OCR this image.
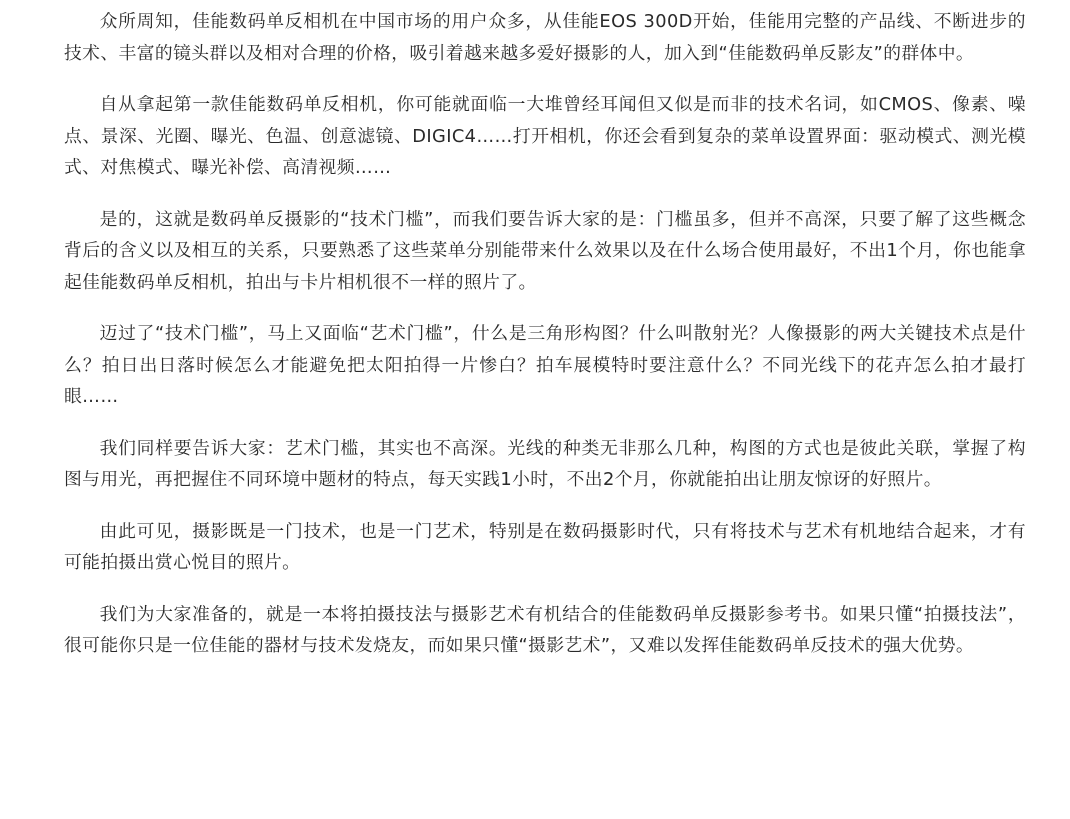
众所周知，佳能数码单反相机在中国市场的用户众多，从佳能EOS 300D开始，佳能用完整的产品线、不断进步的技术、丰富的镜头群以及相对合理的价格，吸引着越来越多爱好摄影的人，加入到“佳能数码单反影友”的群体中。

自从拿起第一款佳能数码单反相机，你可能就面临一大堆曾经耳闻但又似是而非的技术名词，如CMOS、像素、噪点、景深、光圈、曝光、色温、创意滤镜、DIGIC4……打开相机，你还会看到复杂的菜单设置界面：驱动模式、测光模式、对焦模式、曝光补偿、高清视频……

是的，这就是数码单反摄影的“技术门槛”，而我们要告诉大家的是：门槛虽多，但并不高深，只要了解了这些概念背后的含义以及相互的关系，只要熟悉了这些菜单分别能带来什么效果以及在什么场合使用最好，不出1个月，你也能拿起佳能数码单反相机，拍出与卡片相机很不一样的照片了。

迈过了“技术门槛”，马上又面临“艺术门槛”，什么是三角形构图？什么叫散射光？人像摄影的两大关键技术点是什么？拍日出日落时候怎么才能避免把太阳拍得一片惨白？拍车展模特时要注意什么？不同光线下的花卉怎么拍才最打眼……

我们同样要告诉大家：艺术门槛，其实也不高深。光线的种类无非那么几种，构图的方式也是彼此关联，掌握了构图与用光，再把握住不同环境中题材的特点，每天实践1小时，不出2个月，你就能拍出让朋友惊讶的好照片。

由此可见，摄影既是一门技术，也是一门艺术，特别是在数码摄影时代，只有将技术与艺术有机地结合起来，才有可能拍摄出赏心悦目的照片。

我们为大家准备的，就是一本将拍摄技法与摄影艺术有机结合的佳能数码单反摄影参考书。如果只懂“拍摄技法”，很可能你只是一位佳能的器材与技术发烧友，而如果只懂“摄影艺术”，又难以发挥佳能数码单反技术的强大优势。
